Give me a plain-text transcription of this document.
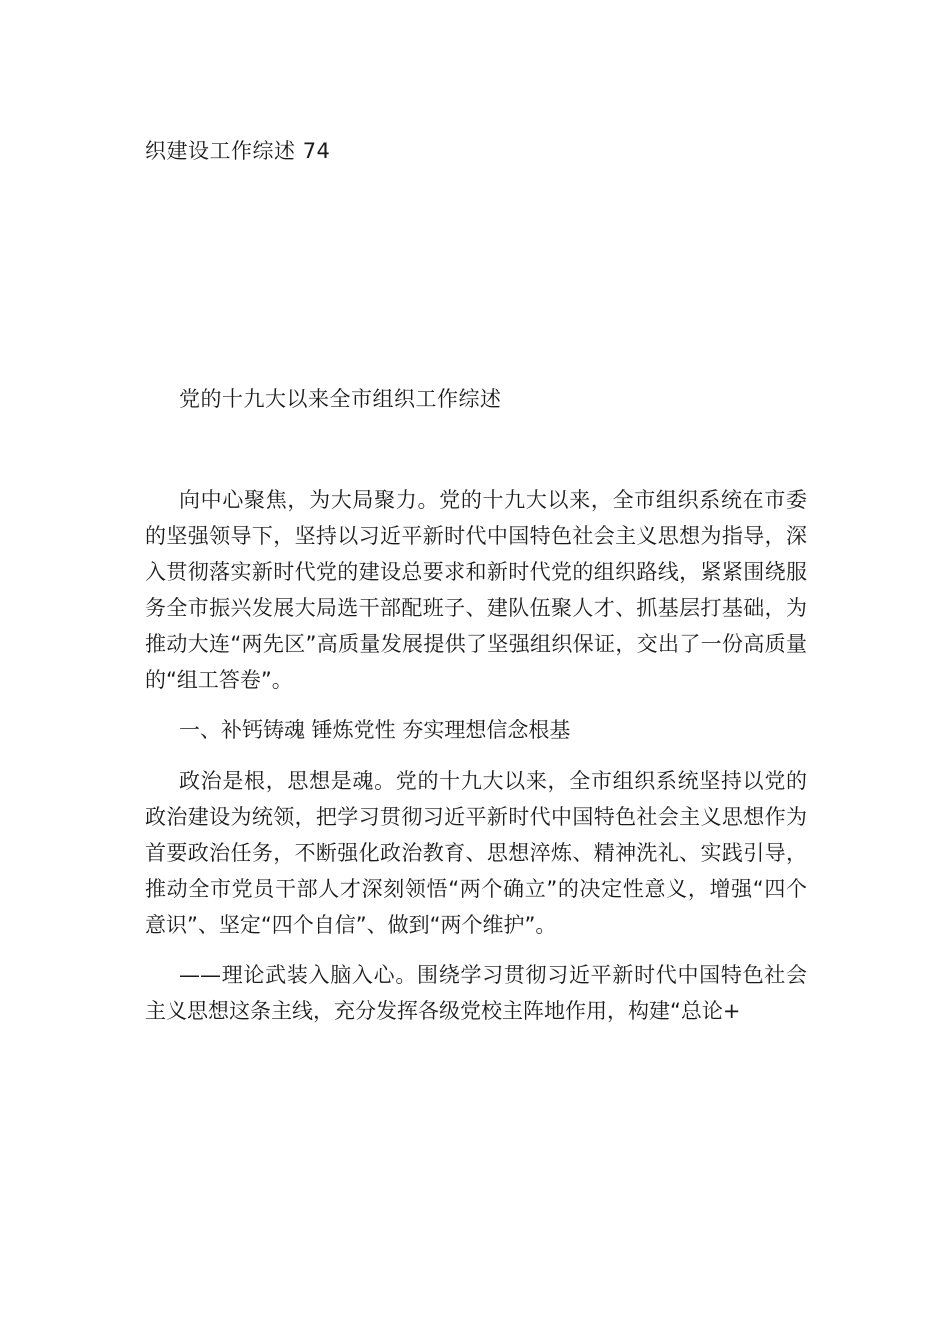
织建设工作综述 74
党的十九大以来全市组织工作综述

向中心聚焦，为大局聚力。党的十九大以来，全市组织系统在市委的坚强领导下，坚持以习近平新时代中国特色社会主义思想为指导，深入贯彻落实新时代党的建设总要求和新时代党的组织路线，紧紧围绕服务全市振兴发展大局选干部配班子、建队伍聚人才、抓基层打基础，为推动大连“两先区”高质量发展提供了坚强组织保证，交出了一份高质量的“组工答卷”。

一、补钙铸魂 锤炼党性 夯实理想信念根基

政治是根，思想是魂。党的十九大以来，全市组织系统坚持以党的政治建设为统领，把学习贯彻习近平新时代中国特色社会主义思想作为首要政治任务，不断强化政治教育、思想淬炼、精神洗礼、实践引导，推动全市党员干部人才深刻领悟“两个确立”的决定性意义，增强“四个意识”、坚定“四个自信”、做到“两个维护”。

——理论武装入脑入心。围绕学习贯彻习近平新时代中国特色社会主义思想这条主线，充分发挥各级党校主阵地作用，构建“总论+
